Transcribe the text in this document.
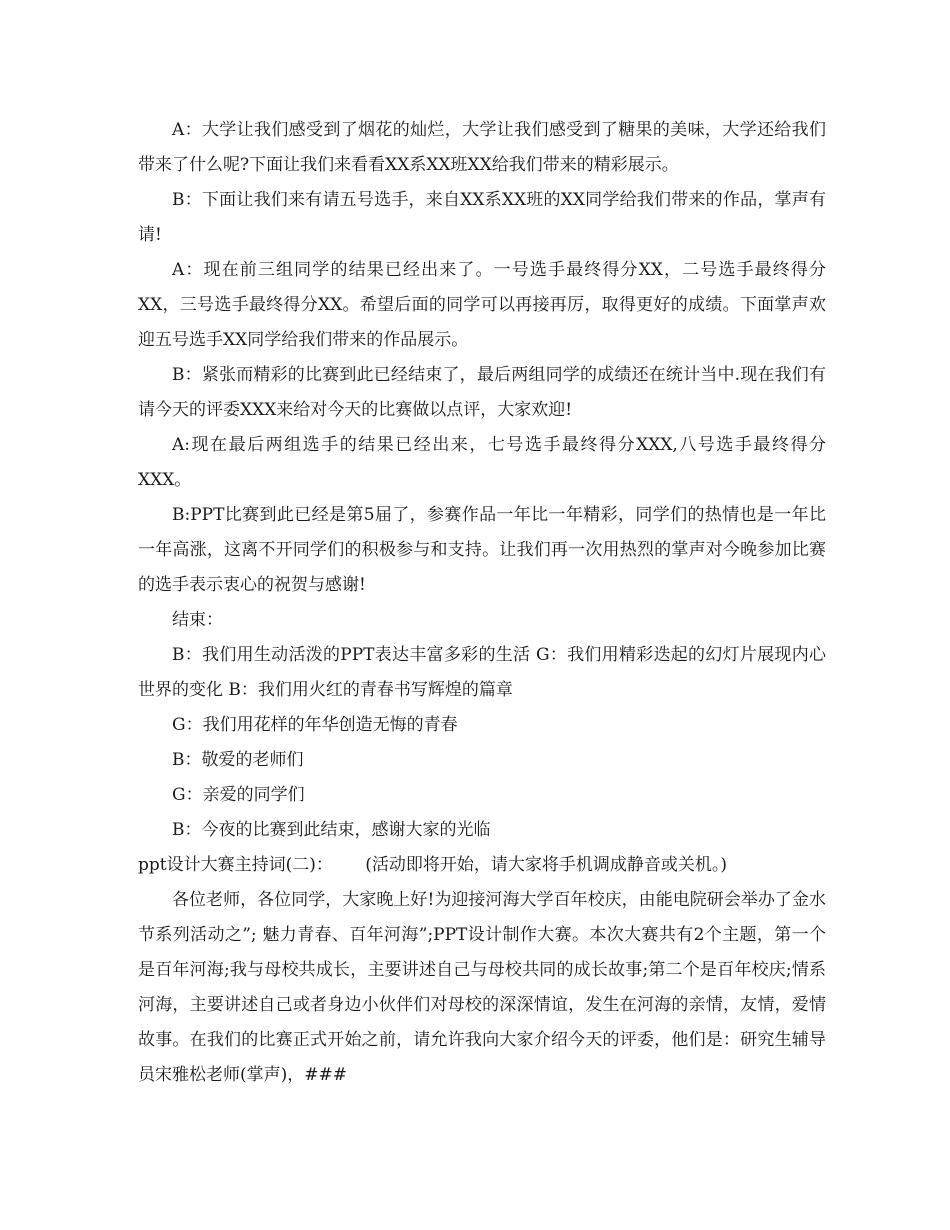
A：大学让我们感受到了烟花的灿烂，大学让我们感受到了糖果的美味，大学还给我们带来了什么呢?下面让我们来看看XX系XX班XX给我们带来的精彩展示。

B：下面让我们来有请五号选手，来自XX系XX班的XX同学给我们带来的作品，掌声有请!

A：现在前三组同学的结果已经出来了。一号选手最终得分XX，二号选手最终得分XX，三号选手最终得分XX。希望后面的同学可以再接再厉，取得更好的成绩。下面掌声欢迎五号选手XX同学给我们带来的作品展示。

B：紧张而精彩的比赛到此已经结束了，最后两组同学的成绩还在统计当中.现在我们有请今天的评委XXX来给对今天的比赛做以点评，大家欢迎!

A:现在最后两组选手的结果已经出来，七号选手最终得分XXX,八号选手最终得分XXX。

B:PPT比赛到此已经是第5届了，参赛作品一年比一年精彩，同学们的热情也是一年比一年高涨，这离不开同学们的积极参与和支持。让我们再一次用热烈的掌声对今晚参加比赛的选手表示衷心的祝贺与感谢!

结束：

B：我们用生动活泼的PPT表达丰富多彩的生活 G：我们用精彩迭起的幻灯片展现内心世界的变化 B：我们用火红的青春书写辉煌的篇章

G：我们用花样的年华创造无悔的青春

B：敬爱的老师们

G：亲爱的同学们

B：今夜的比赛到此结束，感谢大家的光临

ppt设计大赛主持词(二)：      (活动即将开始，请大家将手机调成静音或关机。)

各位老师，各位同学，大家晚上好!为迎接河海大学百年校庆，由能电院研会举办了金水节系列活动之”; 魅力青春、百年河海”;PPT设计制作大赛。本次大赛共有2个主题，第一个是百年河海;我与母校共成长，主要讲述自己与母校共同的成长故事;第二个是百年校庆;情系河海，主要讲述自己或者身边小伙伴们对母校的深深情谊，发生在河海的亲情，友情，爱情故事。在我们的比赛正式开始之前，请允许我向大家介绍今天的评委，他们是：研究生辅导员宋雅松老师(掌声)，###
